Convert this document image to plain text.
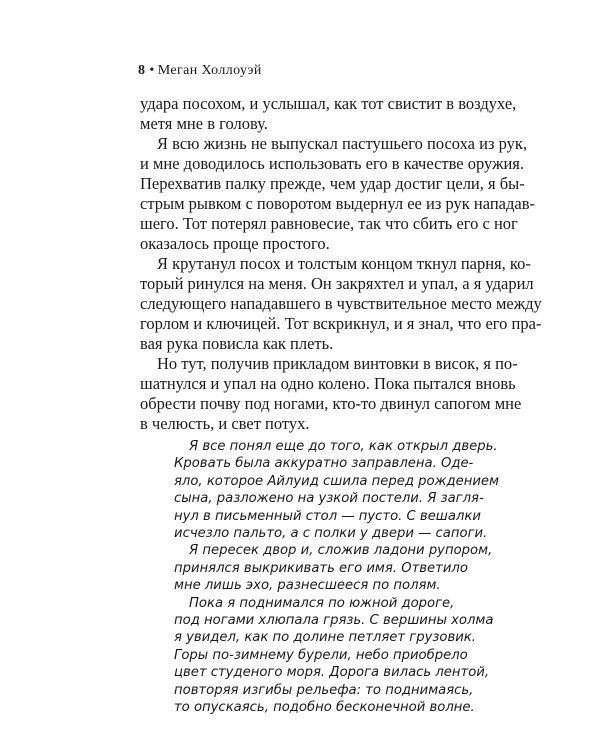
8 • Меган Холлоуэй
удара посохом, и услышал, как тот свистит в воздухе,
метя мне в голову.
Я всю жизнь не выпускал пастушьего посоха из рук,
и мне доводилось использовать его в качестве оружия.
Перехватив палку прежде, чем удар достиг цели, я бы-
стрым рывком с поворотом выдернул ее из рук нападав-
шего. Тот потерял равновесие, так что сбить его с ног
оказалось проще простого.
Я крутанул посох и толстым концом ткнул парня, ко-
торый ринулся на меня. Он закряхтел и упал, а я ударил
следующего нападавшего в чувствительное место между
горлом и ключицей. Тот вскрикнул, и я знал, что его пра-
вая рука повисла как плеть.
Но тут, получив прикладом винтовки в висок, я по-
шатнулся и упал на одно колено. Пока пытался вновь
обрести почву под ногами, кто-то двинул сапогом мне
в челюсть, и свет потух.
Я все понял еще до того, как открыл дверь.
Кровать была аккуратно заправлена. Оде-
яло, которое Айлуид сшила перед рождением
сына, разложено на узкой постели. Я загля-
нул в письменный стол — пусто. С вешалки
исчезло пальто, а с полки у двери — сапоги.
Я пересек двор и, сложив ладони рупором,
принялся выкрикивать его имя. Ответило
мне лишь эхо, разнесшееся по полям.
Пока я поднимался по южной дороге,
под ногами хлюпала грязь. С вершины холма
я увидел, как по долине петляет грузовик.
Горы по-зимнему бурели, небо приобрело
цвет студеного моря. Дорога вилась лентой,
повторяя изгибы рельефа: то поднимаясь,
то опускаясь, подобно бесконечной волне.
